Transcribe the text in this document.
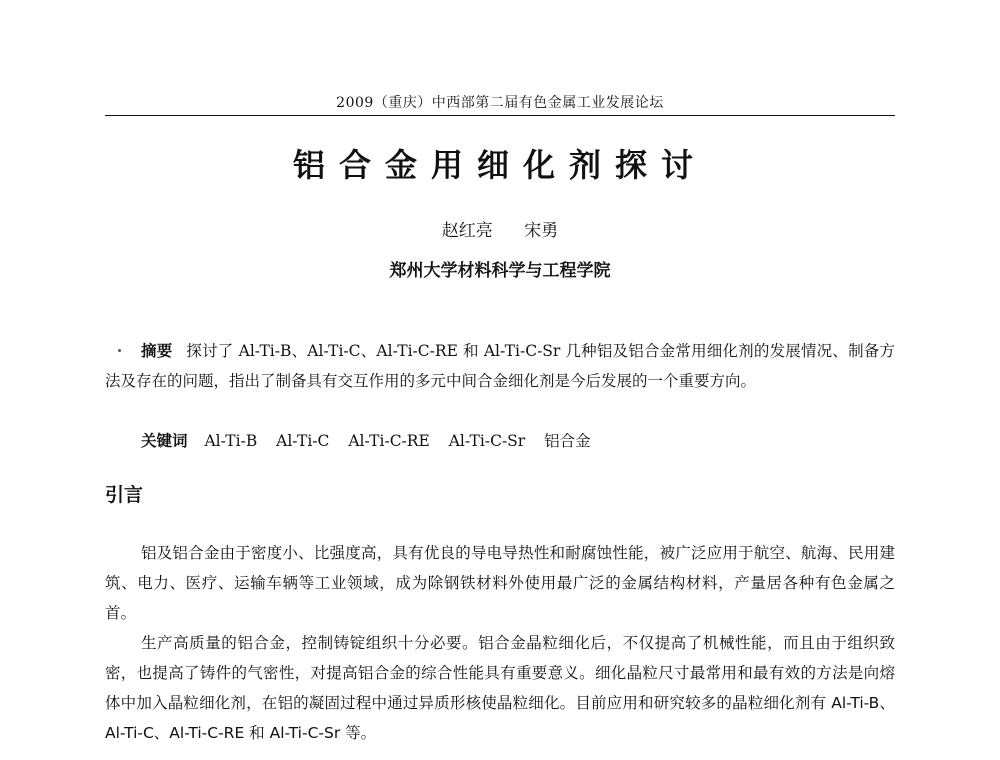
2009（重庆）中西部第二届有色金属工业发展论坛
铝合金用细化剂探讨
赵红亮 宋勇
郑州大学材料科学与工程学院
摘要 探讨了 Al-Ti-B、Al-Ti-C、Al-Ti-C-RE 和 Al-Ti-C-Sr 几种铝及铝合金常用细化剂的发展情况、制备方法及存在的问题，指出了制备具有交互作用的多元中间合金细化剂是今后发展的一个重要方向。
关键词 Al-Ti-B Al-Ti-C Al-Ti-C-RE Al-Ti-C-Sr 铝合金
引言
铝及铝合金由于密度小、比强度高，具有优良的导电导热性和耐腐蚀性能，被广泛应用于航空、航海、民用建筑、电力、医疗、运输车辆等工业领域，成为除钢铁材料外使用最广泛的金属结构材料，产量居各种有色金属之首。
生产高质量的铝合金，控制铸锭组织十分必要。铝合金晶粒细化后，不仅提高了机械性能，而且由于组织致密，也提高了铸件的气密性，对提高铝合金的综合性能具有重要意义。细化晶粒尺寸最常用和最有效的方法是向熔体中加入晶粒细化剂，在铝的凝固过程中通过异质形核使晶粒细化。目前应用和研究较多的晶粒细化剂有 Al-Ti-B、Al-Ti-C、Al-Ti-C-RE 和 Al-Ti-C-Sr 等。
